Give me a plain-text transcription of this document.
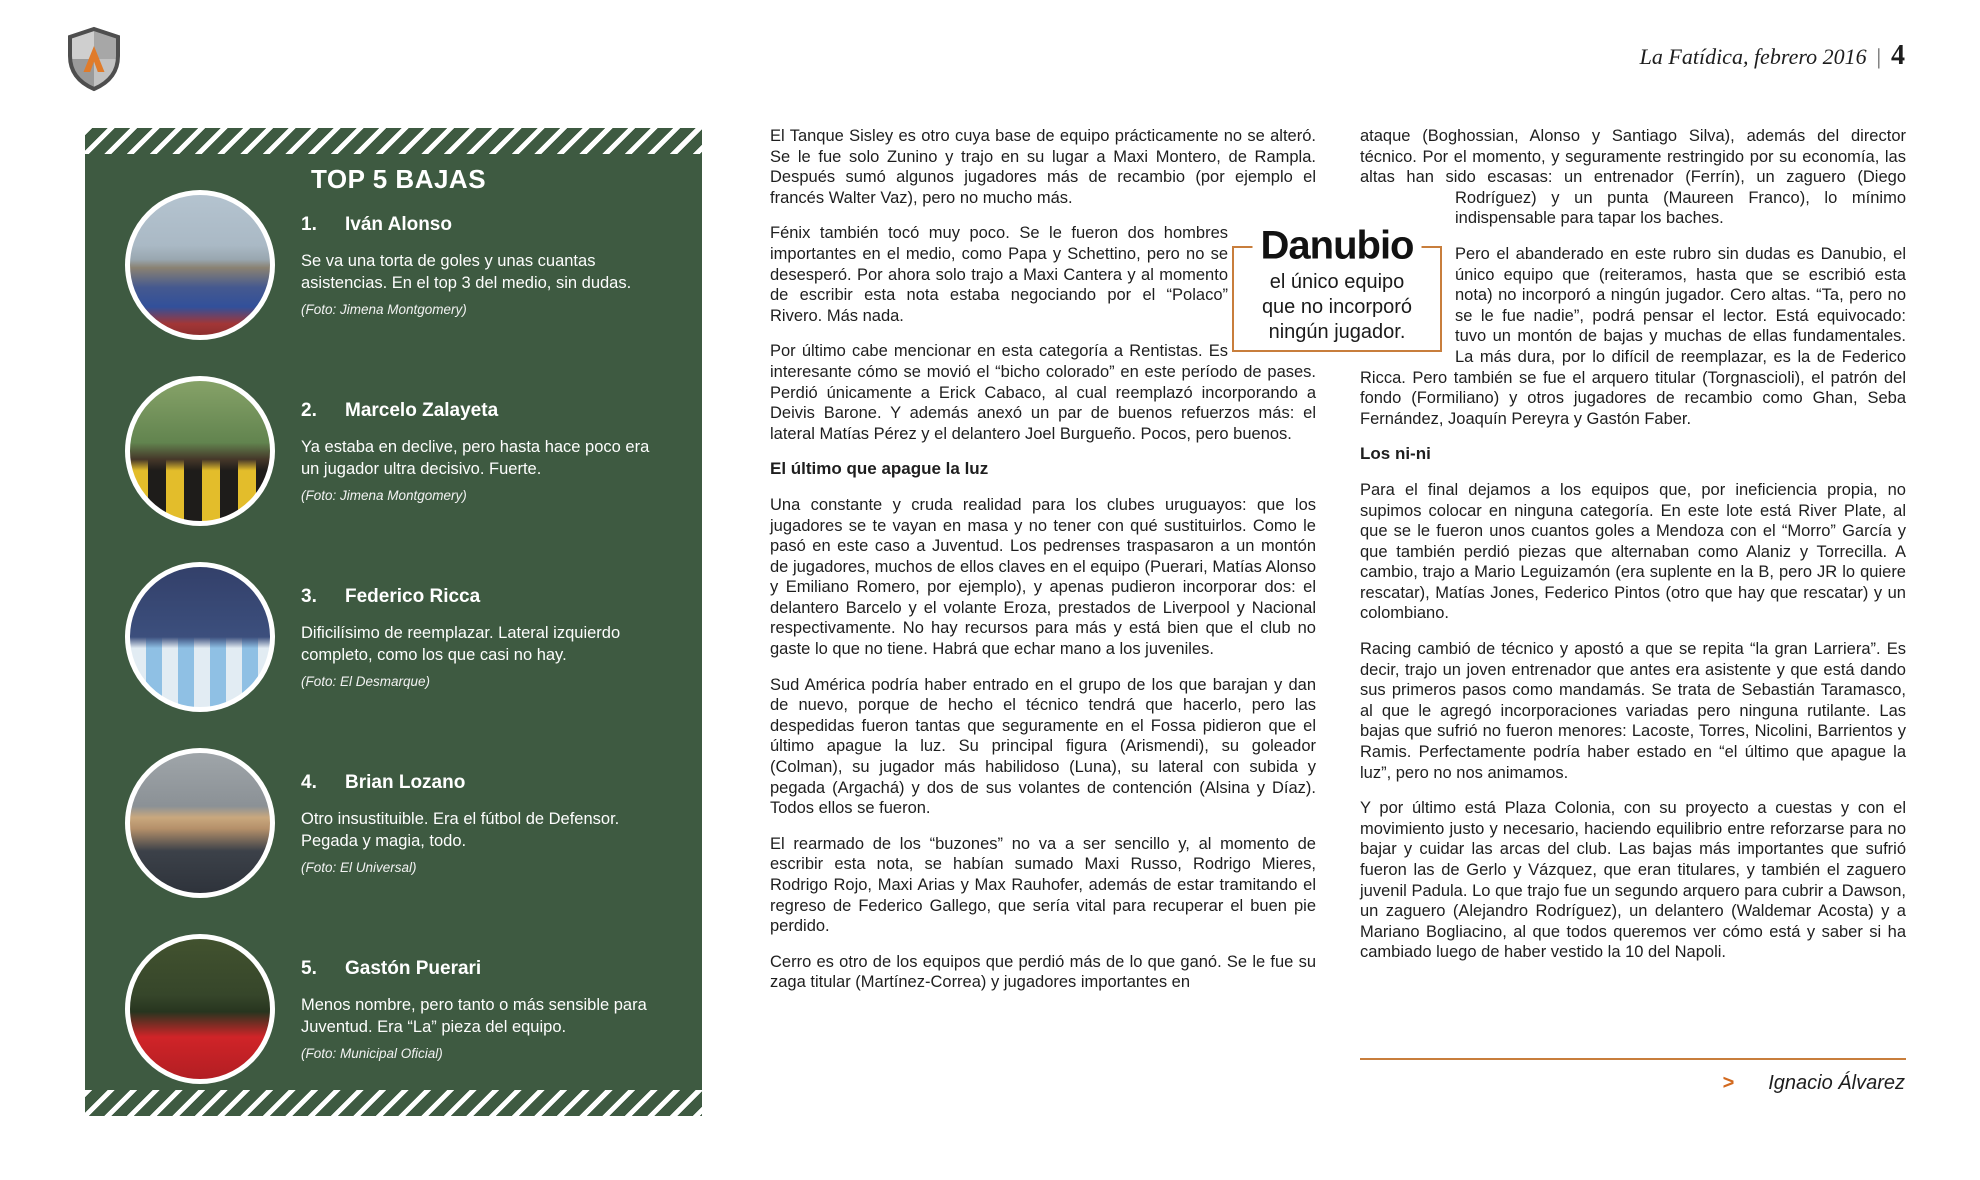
La Fatídica, febrero 2016 | 4
TOP 5 BAJAS
1. Iván Alonso

Se va una torta de goles y unas cuantas asistencias. En el top 3 del medio, sin dudas.

(Foto: Jimena Montgomery)

2. Marcelo Zalayeta

Ya estaba en declive, pero hasta hace poco era un jugador ultra decisivo. Fuerte.

(Foto: Jimena Montgomery)

3. Federico Ricca

Dificilísimo de reemplazar. Lateral izquierdo completo, como los que casi no hay.

(Foto: El Desmarque)

4. Brian Lozano

Otro insustituible. Era el fútbol de Defensor. Pegada y magia, todo.

(Foto: El Universal)

5. Gastón Puerari

Menos nombre, pero tanto o más sensible para Juventud. Era “La” pieza del equipo.

(Foto: Municipal Oficial)

El Tanque Sisley es otro cuya base de equipo prácticamente no se alteró. Se le fue solo Zunino y trajo en su lugar a Maxi Montero, de Rampla. Después sumó algunos jugadores más de recambio (por ejemplo el francés Walter Vaz), pero no mucho más.

Fénix también tocó muy poco. Se le fueron dos hombres importantes en el medio, como Papa y Schettino, pero no se desesperó. Por ahora solo trajo a Maxi Cantera y al momento de escribir esta nota estaba negociando por el “Polaco” Rivero. Más nada.

Por último cabe mencionar en esta categoría a Rentistas. Es interesante cómo se movió el “bicho colorado” en este período de pases. Perdió únicamente a Erick Cabaco, al cual reemplazó incorporando a Deivis Barone. Y además anexó un par de buenos refuerzos más: el lateral Matías Pérez y el delantero Joel Burgueño. Pocos, pero buenos.

El último que apague la luz

Una constante y cruda realidad para los clubes uruguayos: que los jugadores se te vayan en masa y no tener con qué sustituirlos. Como le pasó en este caso a Juventud. Los pedrenses traspasaron a un montón de jugadores, muchos de ellos claves en el equipo (Puerari, Matías Alonso y Emiliano Romero, por ejemplo), y apenas pudieron incorporar dos: el delantero Barcelo y el volante Eroza, prestados de Liverpool y Nacional respectivamente. No hay recursos para más y está bien que el club no gaste lo que no tiene. Habrá que echar mano a los juveniles.

Sud América podría haber entrado en el grupo de los que barajan y dan de nuevo, porque de hecho el técnico tendrá que hacerlo, pero las despedidas fueron tantas que seguramente en el Fossa pidieron que el último apague la luz. Su principal figura (Arismendi), su goleador (Colman), su jugador más habilidoso (Luna), su lateral con subida y pegada (Argachá) y dos de sus volantes de contención (Alsina y Díaz). Todos ellos se fueron.

El rearmado de los “buzones” no va a ser sencillo y, al momento de escribir esta nota, se habían sumado Maxi Russo, Rodrigo Mieres, Rodrigo Rojo, Maxi Arias y Max Rauhofer, además de estar tramitando el regreso de Federico Gallego, que sería vital para recuperar el buen pie perdido.

Cerro es otro de los equipos que perdió más de lo que ganó. Se le fue su zaga titular (Martínez-Correa) y jugadores importantes en

ataque (Boghossian, Alonso y Santiago Silva), además del director técnico. Por el momento, y seguramente restringido por su economía, las altas han sido escasas: un entrenador (Ferrín), un zaguero (Diego Rodríguez) y un punta (Maureen Franco), lo mínimo indispensable para tapar los baches.

Pero el abanderado en este rubro sin dudas es Danubio, el único equipo que (reiteramos, hasta que se escribió esta nota) no incorporó a ningún jugador. Cero altas. “Ta, pero no se le fue nadie”, podrá pensar el lector. Está equivocado: tuvo un montón de bajas y muchas de ellas fundamentales. La más dura, por lo difícil de reemplazar, es la de Federico Ricca. Pero también se fue el arquero titular (Torgnascioli), el patrón del fondo (Formiliano) y otros jugadores de recambio como Ghan, Seba Fernández, Joaquín Pereyra y Gastón Faber.

Los ni-ni

Para el final dejamos a los equipos que, por ineficiencia propia, no supimos colocar en ninguna categoría. En este lote está River Plate, al que se le fueron unos cuantos goles a Mendoza con el “Morro” García y que también perdió piezas que alternaban como Alaniz y Torrecilla. A cambio, trajo a Mario Leguizamón (era suplente en la B, pero JR lo quiere rescatar), Matías Jones, Federico Pintos (otro que hay que rescatar) y un colombiano.

Racing cambió de técnico y apostó a que se repita “la gran Larriera”. Es decir, trajo un joven entrenador que antes era asistente y que está dando sus primeros pasos como mandamás. Se trata de Sebastián Taramasco, al que le agregó incorporaciones variadas pero ninguna rutilante. Las bajas que sufrió no fueron menores: Lacoste, Torres, Nicolini, Barrientos y Ramis. Perfectamente podría haber estado en “el último que apague la luz”, pero no nos animamos.

Y por último está Plaza Colonia, con su proyecto a cuestas y con el movimiento justo y necesario, haciendo equilibrio entre reforzarse para no bajar y cuidar las arcas del club. Las bajas más importantes que sufrió fueron las de Gerlo y Vázquez, que eran titulares, y también el zaguero juvenil Padula. Lo que trajo fue un segundo arquero para cubrir a Dawson, un zaguero (Alejandro Rodríguez), un delantero (Waldemar Acosta) y a Mariano Bogliacino, al que todos queremos ver cómo está y saber si ha cambiado luego de haber vestido la 10 del Napoli.

Danubio
el único equipo
que no incorporó
ningún jugador.
> Ignacio Álvarez
